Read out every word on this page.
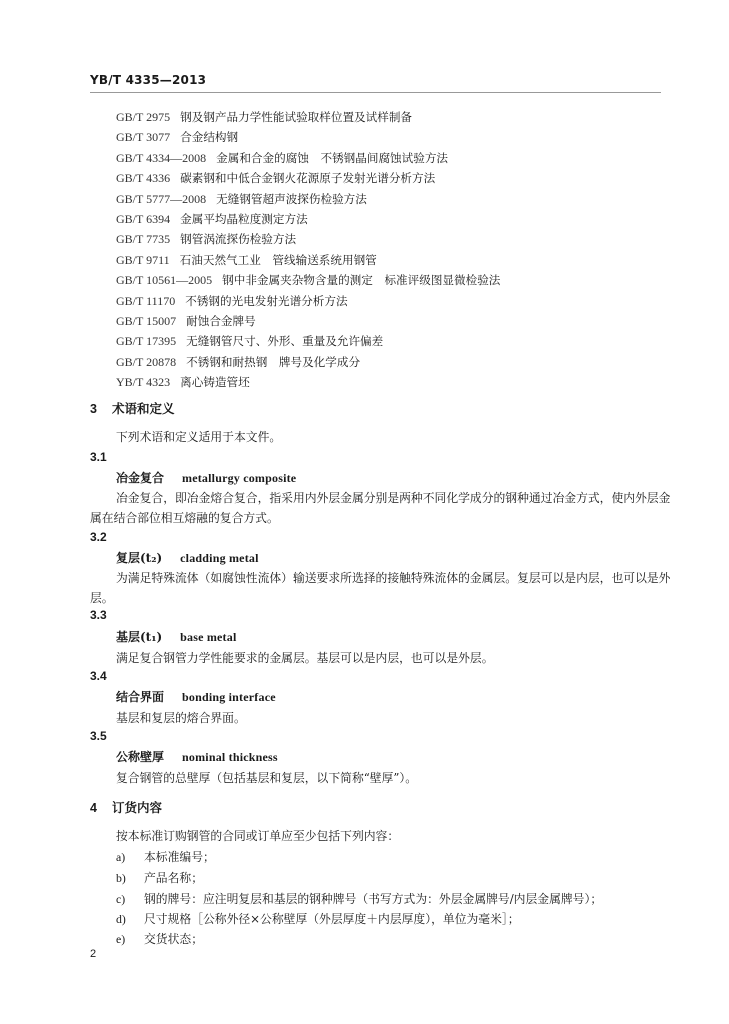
YB/T 4335—2013
GB/T 2975 钢及钢产品力学性能试验取样位置及试样制备
GB/T 3077 合金结构钢
GB/T 4334—2008 金属和合金的腐蚀　不锈钢晶间腐蚀试验方法
GB/T 4336 碳素钢和中低合金钢火花源原子发射光谱分析方法
GB/T 5777—2008 无缝钢管超声波探伤检验方法
GB/T 6394 金属平均晶粒度测定方法
GB/T 7735 钢管涡流探伤检验方法
GB/T 9711 石油天然气工业　管线输送系统用钢管
GB/T 10561—2005 钢中非金属夹杂物含量的测定　标准评级图显微检验法
GB/T 11170 不锈钢的光电发射光谱分析方法
GB/T 15007 耐蚀合金牌号
GB/T 17395 无缝钢管尺寸、外形、重量及允许偏差
GB/T 20878 不锈钢和耐热钢　牌号及化学成分
YB/T 4323 离心铸造管坯
3 术语和定义
下列术语和定义适用于本文件。
3.1
冶金复合 metallurgy composite
冶金复合，即冶金熔合复合，指采用内外层金属分别是两种不同化学成分的钢种通过冶金方式，使内外层金属在结合部位相互熔融的复合方式。
3.2
复层(t₂) cladding metal
为满足特殊流体（如腐蚀性流体）输送要求所选择的接触特殊流体的金属层。复层可以是内层，也可以是外层。
3.3
基层(t₁) base metal
满足复合钢管力学性能要求的金属层。基层可以是内层，也可以是外层。
3.4
结合界面 bonding interface
基层和复层的熔合界面。
3.5
公称壁厚 nominal thickness
复合钢管的总壁厚（包括基层和复层，以下简称“壁厚”）。
4 订货内容
按本标准订购钢管的合同或订单应至少包括下列内容：
a) 本标准编号；
b) 产品名称；
c) 钢的牌号：应注明复层和基层的钢种牌号（书写方式为：外层金属牌号/内层金属牌号）；
d) 尺寸规格［公称外径×公称壁厚（外层厚度＋内层厚度），单位为毫米］；
e) 交货状态；
2
